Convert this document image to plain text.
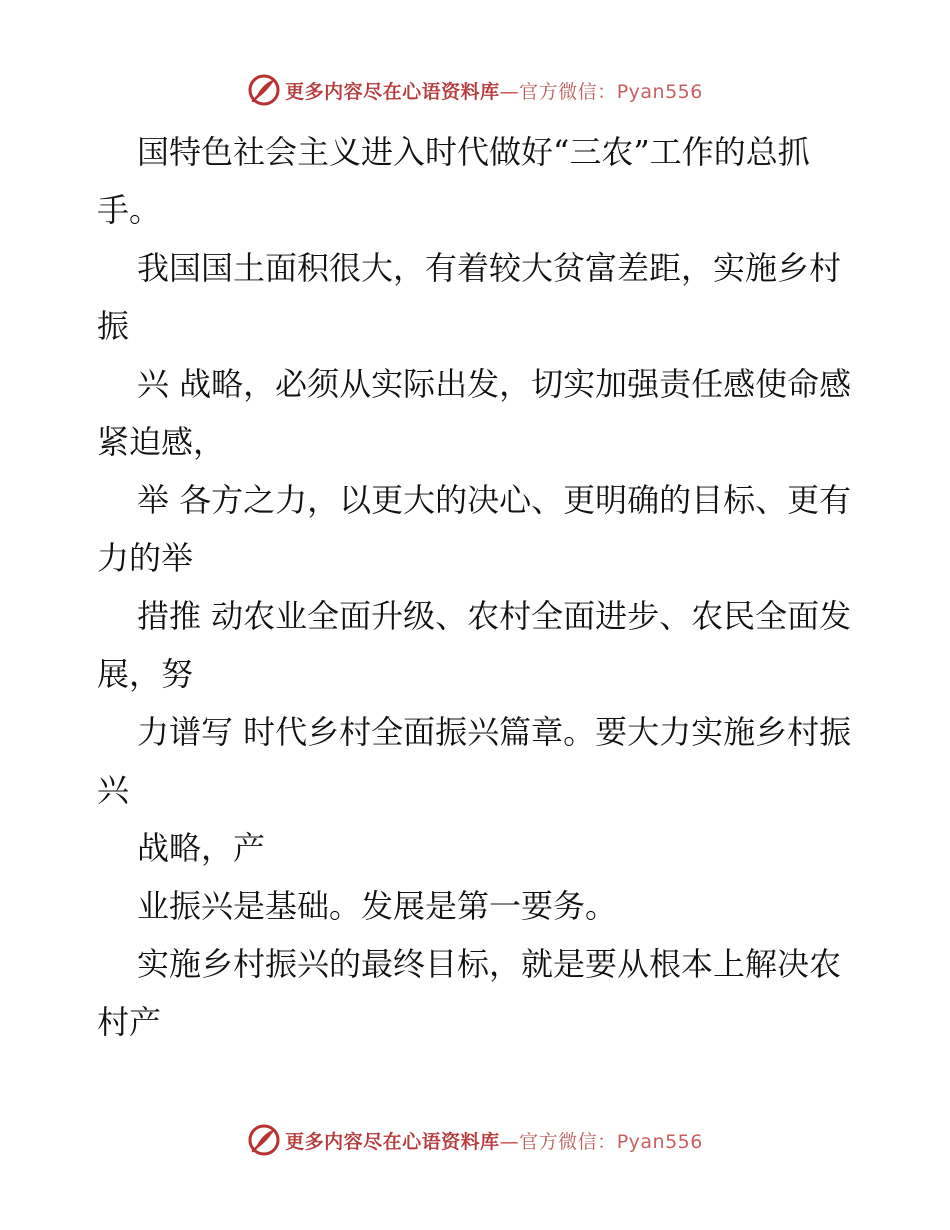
更多内容尽在心语资料库—官方微信：Pyan556

国特色社会主义进入时代做好“三农”工作的总抓手。

我国国土面积很大，有着较大贫富差距，实施乡村振

兴 战略，必须从实际出发，切实加强责任感使命感紧迫感，

举 各方之力，以更大的决心、更明确的目标、更有力的举

措推 动农业全面升级、农村全面进步、农民全面发展，努

力谱写 时代乡村全面振兴篇章。要大力实施乡村振兴

战略，产

业振兴是基础。发展是第一要务。

实施乡村振兴的最终目标，就是要从根本上解决农村产

更多内容尽在心语资料库—官方微信：Pyan556
